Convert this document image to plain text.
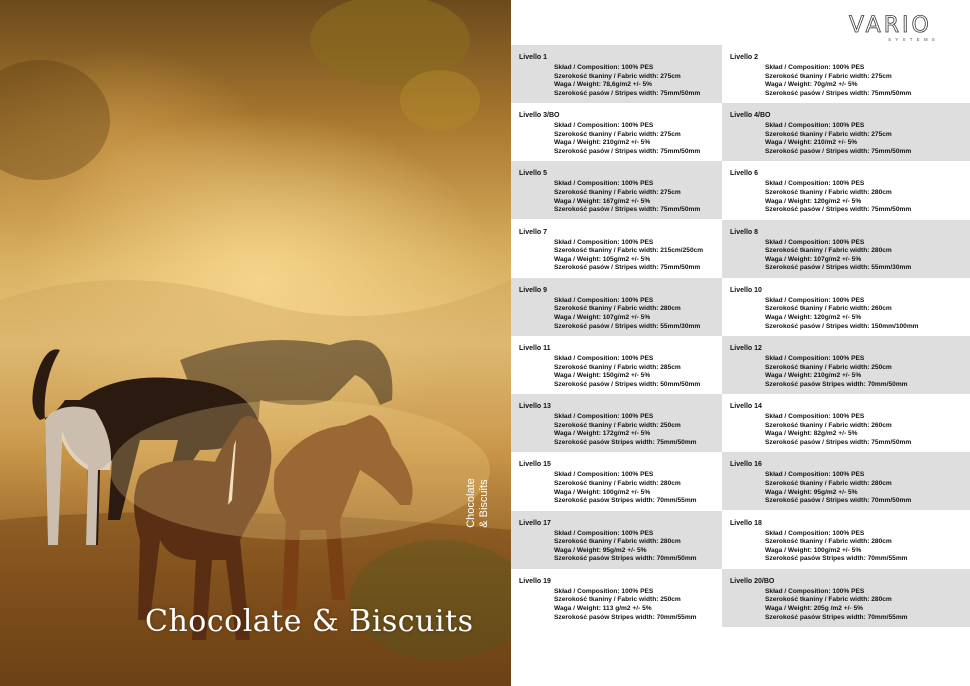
Chocolate & Biscuits
Chocolate & Biscuits
VARIO
SYSTEMS
Livello 1
Skład / Composition: 100% PES
Szerokość tkaniny / Fabric width: 275cm
Waga / Weight: 78,6g/m2 +/- 5%
Szerokość pasów / Stripes width: 75mm/50mm
Livello 2
Skład / Composition: 100% PES
Szerokość tkaniny / Fabric width: 275cm
Waga / Weight: 70g/m2 +/- 5%
Szerokość pasów / Stripes width: 75mm/50mm
Livello 3/BO
Skład / Composition: 100% PES
Szerokość tkaniny / Fabric width: 275cm
Waga / Weight: 210g/m2 +/- 5%
Szerokość pasów / Stripes width: 75mm/50mm
Livello 4/BO
Skład / Composition: 100% PES
Szerokość tkaniny / Fabric width: 275cm
Waga / Weight: 210/m2 +/- 5%
Szerokość pasów / Stripes width: 75mm/50mm
Livello 5
Skład / Composition: 100% PES
Szerokość tkaniny / Fabric width: 275cm
Waga / Weight: 167g/m2 +/- 5%
Szerokość pasów / Stripes width: 75mm/50mm
Livello 6
Skład / Composition: 100% PES
Szerokość tkaniny / Fabric width: 280cm
Waga / Weight: 120g/m2 +/- 5%
Szerokość pasów / Stripes width: 75mm/50mm
Livello 7
Skład / Composition: 100% PES
Szerokość tkaniny / Fabric width: 215cm/250cm
Waga / Weight: 105g/m2 +/- 5%
Szerokość pasów / Stripes width: 75mm/50mm
Livello 8
Skład / Composition: 100% PES
Szerokość tkaniny / Fabric width: 280cm
Waga / Weight: 107g/m2 +/- 5%
Szerokość pasów / Stripes width: 55mm/30mm
Livello 9
Skład / Composition: 100% PES
Szerokość tkaniny / Fabric width: 280cm
Waga / Weight: 107g/m2 +/- 5%
Szerokość pasów / Stripes width: 55mm/30mm
Livello 10
Skład / Composition: 100% PES
Szerokość tkaniny / Fabric width: 260cm
Waga / Weight: 120g/m2 +/- 5%
Szerokość pasów / Stripes width: 150mm/100mm
Livello 11
Skład / Composition: 100% PES
Szerokość tkaniny / Fabric width: 285cm
Waga / Weight: 150g/m2 +/- 5%
Szerokość pasów / Stripes width: 50mm/50mm
Livello 12
Skład / Composition: 100% PES
Szerokość tkaniny / Fabric width: 250cm
Waga / Weight: 210g/m2 +/- 5%
Szerokość pasów Stripes width: 70mm/50mm
Livello 13
Skład / Composition: 100% PES
Szerokość tkaniny / Fabric width: 250cm
Waga / Weight: 172g/m2 +/- 5%
Szerokość pasów Stripes width: 75mm/50mm
Livello 14
Skład / Composition: 100% PES
Szerokość tkaniny / Fabric width: 260cm
Waga / Weight: 82g/m2 +/- 5%
Szerokość pasów / Stripes width: 75mm/50mm
Livello 15
Skład / Composition: 100% PES
Szerokość tkaniny / Fabric width: 280cm
Waga / Weight: 100g/m2 +/- 5%
Szerokość pasów Stripes width: 70mm/55mm
Livello 16
Skład / Composition: 100% PES
Szerokość tkaniny / Fabric width: 280cm
Waga / Weight: 95g/m2 +/- 5%
Szerokość pasów / Stripes width: 70mm/50mm
Livello 17
Skład / Composition: 100% PES
Szerokość tkaniny / Fabric width: 280cm
Waga / Weight: 95g/m2 +/- 5%
Szerokość pasów Stripes width: 70mm/50mm
Livello 18
Skład / Composition: 100% PES
Szerokość tkaniny / Fabric width: 280cm
Waga / Weight: 100g/m2 +/- 5%
Szerokość pasów Stripes width: 70mm/55mm
Livello 19
Skład / Composition: 100% PES
Szerokość tkaniny / Fabric width: 250cm
Waga / Weight: 113 g/m2 +/- 5%
Szerokość pasów Stripes width: 70mm/55mm
Livello 20/BO
Skład / Composition: 100% PES
Szerokość tkaniny / Fabric width: 280cm
Waga / Weight: 205g /m2 +/- 5%
Szerokość pasów Stripes width: 70mm/55mm
